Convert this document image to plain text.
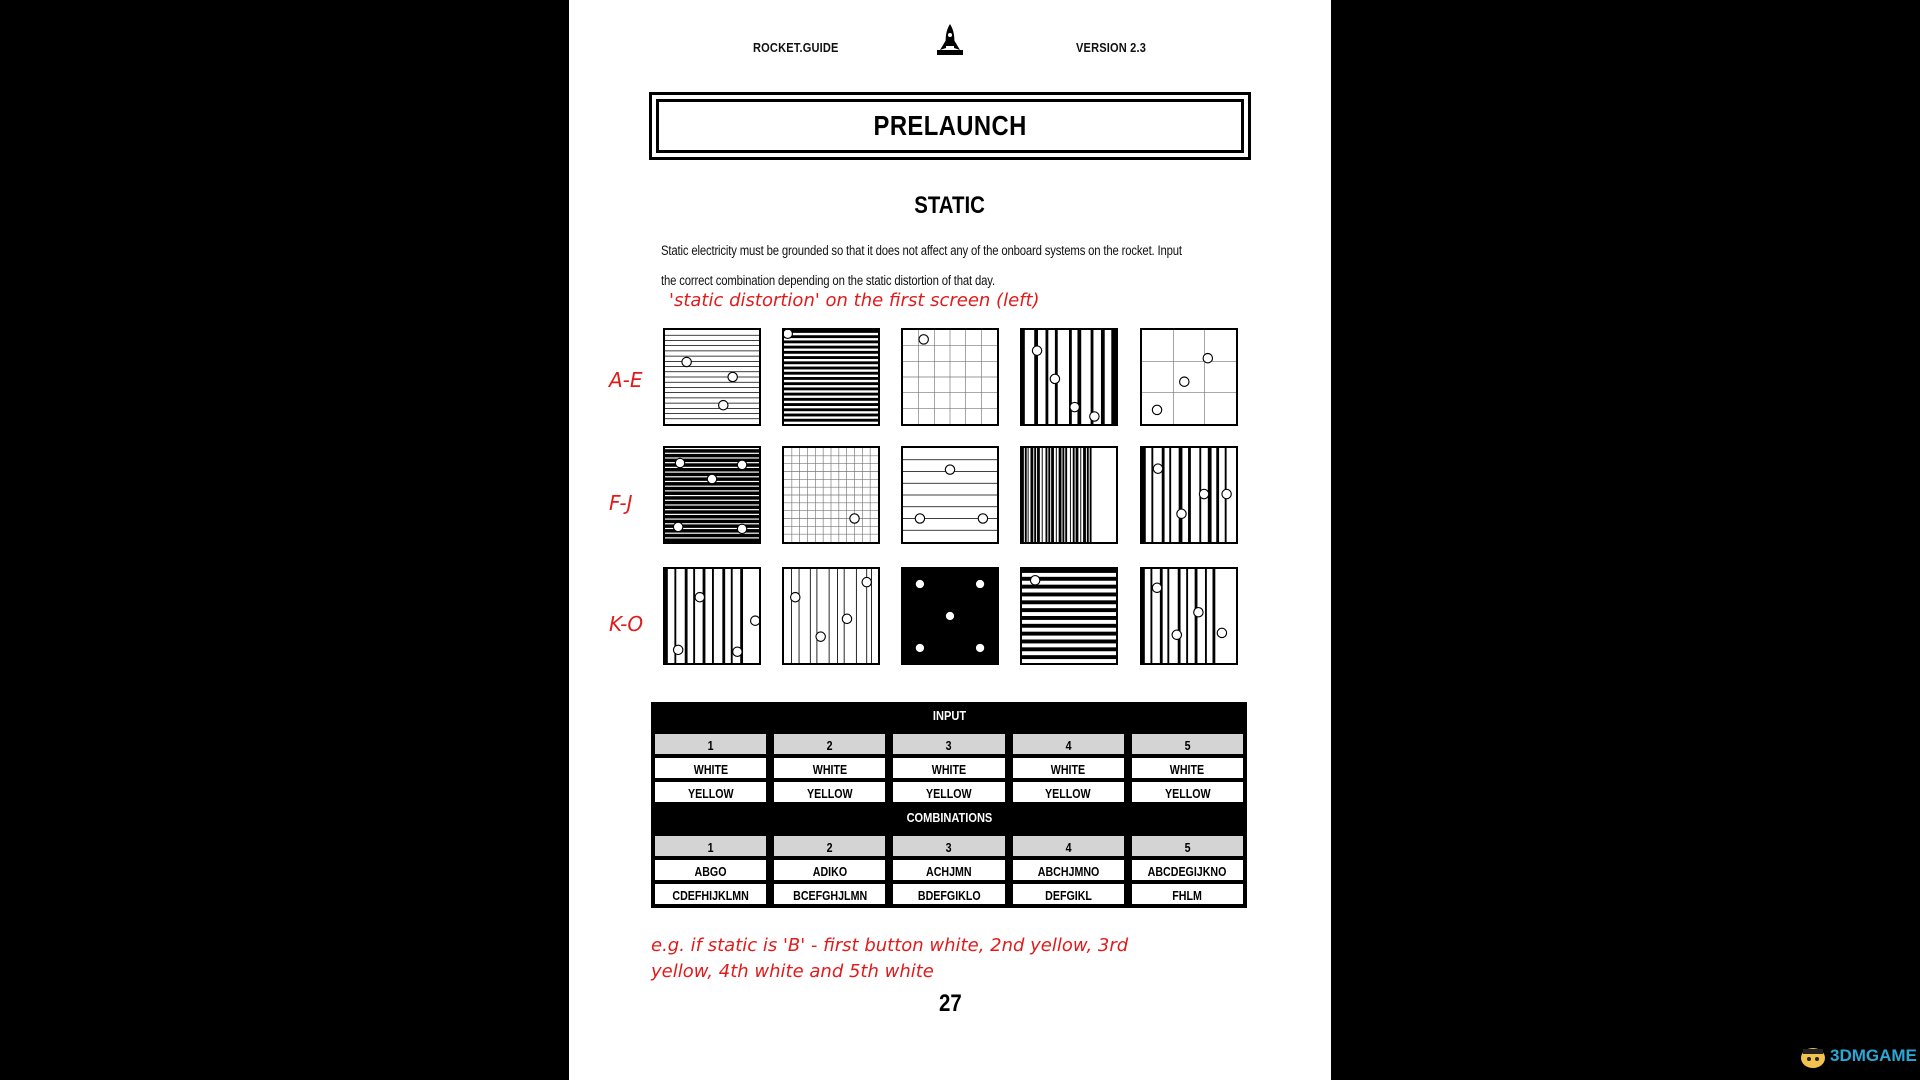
ROCKET.GUIDE	VERSION 2.3
PRELAUNCH
STATIC
Static electricity must be grounded so that it does not affect any of the onboard systems on the rocket. Input
the correct combination depending on the static distortion of that day.
'static distortion' on the first screen (left)
A-E
F-J
K-O
INPUT
1	2	3	4	5
WHITE	WHITE	WHITE	WHITE	WHITE
YELLOW	YELLOW	YELLOW	YELLOW	YELLOW
COMBINATIONS
1	2	3	4	5
ABGO	ADIKO	ACHJMN	ABCHJMNO	ABCDEGIJKNO
CDEFHIJKLMN	BCEFGHJLMN	BDEFGIKLO	DEFGIKL	FHLM
e.g. if static is 'B' - first button white, 2nd yellow, 3rd
yellow, 4th white and 5th white
27
3DMGAME
